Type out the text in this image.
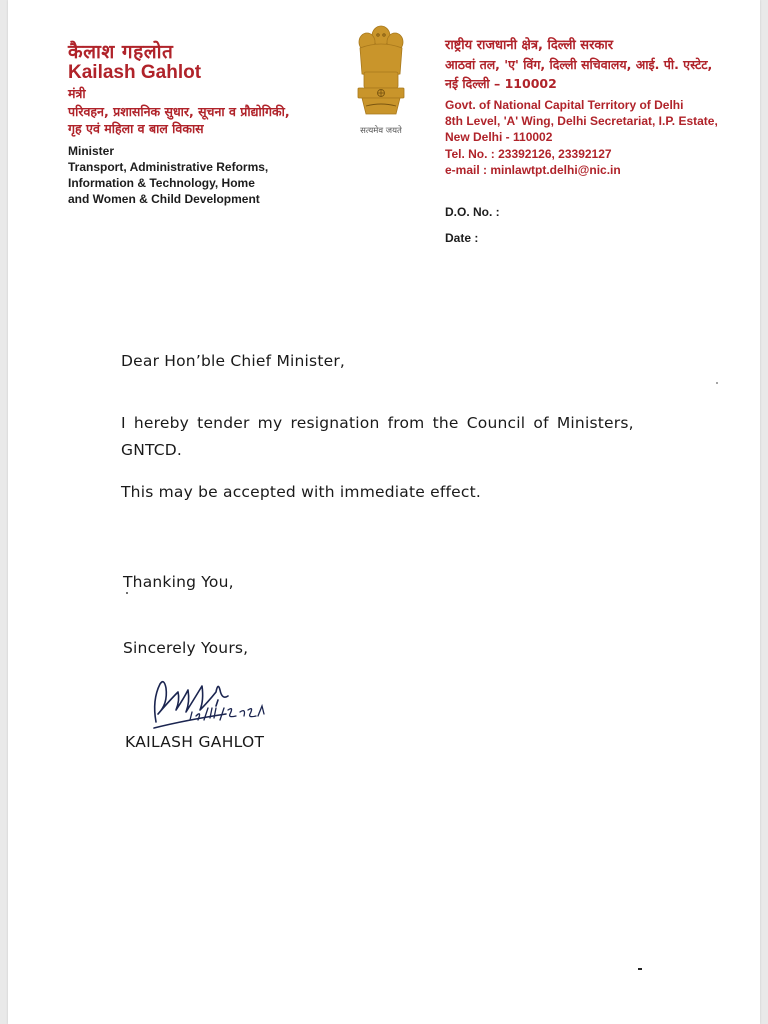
कैलाश गहलोत
Kailash Gahlot
मंत्री
परिवहन, प्रशासनिक सुधार, सूचना व प्रौद्योगिकी,
गृह एवं महिला व बाल विकास
Minister
Transport, Administrative Reforms,
Information & Technology, Home
and Women & Child Development
सत्यमेव जयते
राष्ट्रीय राजधानी क्षेत्र, दिल्ली सरकार
आठवां तल, 'ए' विंग, दिल्ली सचिवालय, आई. पी. एस्टेट,
नई दिल्ली – 110002
Govt. of National Capital Territory of Delhi
8th Level, 'A' Wing, Delhi Secretariat, I.P. Estate,
New Delhi - 110002
Tel. No. : 23392126, 23392127
e-mail : minlawtpt.delhi@nic.in
D.O. No. :
Date :
Dear Hon’ble Chief Minister,
I hereby tender my resignation from the Council of Ministers,
GNTCD.
This may be accepted with immediate effect.
Thanking You,
Sincerely Yours,
KAILASH GAHLOT
